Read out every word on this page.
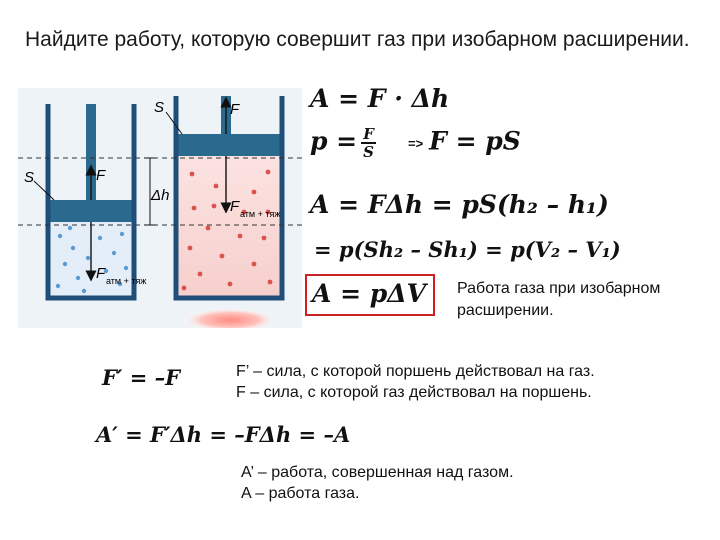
Найдите работу, которую совершит газ при изобарном расширении.
Δh
F
F атм + тяж
S
F
F атм + тяж
S	A = F · Δh
$p = \frac{F}{S} => F$ = pS
A = FΔh = pS(h₂ – h₁)
= p(Sh₂ – Sh₁) = p(V₂ – V₁)
A = pΔV Работа газа при изобарном
расширении.
F′ = –F	F’ – сила, с которой поршень действовал на газ.
F – сила, с которой газ действовал на поршень.
A′ = F′Δh = –FΔh = –A
A’ – работа, совершенная над газом.
A – работа газа.
